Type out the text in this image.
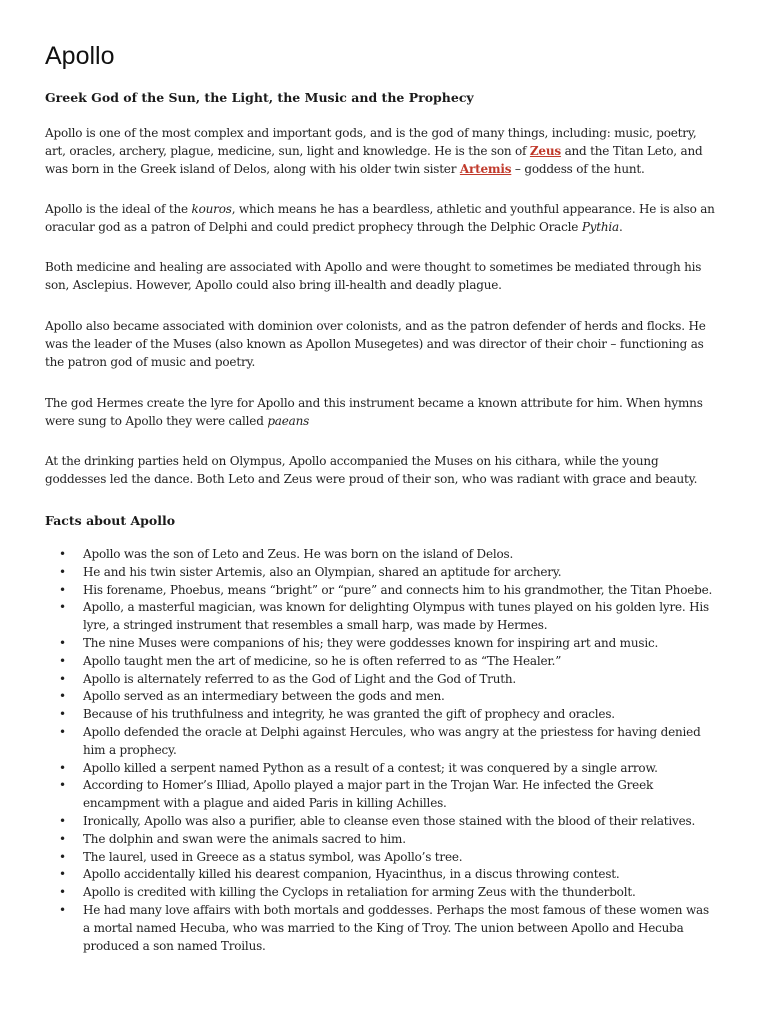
Apollo
Greek God of the Sun, the Light, the Music and the Prophecy

Apollo is one of the most complex and important gods, and is the god of many things, including: music, poetry, art, oracles, archery, plague, medicine, sun, light and knowledge. He is the son of Zeus and the Titan Leto, and was born in the Greek island of Delos, along with his older twin sister Artemis – goddess of the hunt.

Apollo is the ideal of the kouros, which means he has a beardless, athletic and youthful appearance. He is also an oracular god as a patron of Delphi and could predict prophecy through the Delphic Oracle Pythia.

Both medicine and healing are associated with Apollo and were thought to sometimes be mediated through his son, Asclepius. However, Apollo could also bring ill-health and deadly plague.

Apollo also became associated with dominion over colonists, and as the patron defender of herds and flocks. He was the leader of the Muses (also known as Apollon Musegetes) and was director of their choir – functioning as the patron god of music and poetry.

The god Hermes create the lyre for Apollo and this instrument became a known attribute for him. When hymns were sung to Apollo they were called paeans

At the drinking parties held on Olympus, Apollo accompanied the Muses on his cithara, while the young goddesses led the dance. Both Leto and Zeus were proud of their son, who was radiant with grace and beauty.

Facts about Apollo
• Apollo was the son of Leto and Zeus. He was born on the island of Delos.
• He and his twin sister Artemis, also an Olympian, shared an aptitude for archery.
• His forename, Phoebus, means “bright” or “pure” and connects him to his grandmother, the Titan Phoebe.
• Apollo, a masterful magician, was known for delighting Olympus with tunes played on his golden lyre. His lyre, a stringed instrument that resembles a small harp, was made by Hermes.
• The nine Muses were companions of his; they were goddesses known for inspiring art and music.
• Apollo taught men the art of medicine, so he is often referred to as “The Healer.”
• Apollo is alternately referred to as the God of Light and the God of Truth.
• Apollo served as an intermediary between the gods and men.
• Because of his truthfulness and integrity, he was granted the gift of prophecy and oracles.
• Apollo defended the oracle at Delphi against Hercules, who was angry at the priestess for having denied him a prophecy.
• Apollo killed a serpent named Python as a result of a contest; it was conquered by a single arrow.
• According to Homer’s Illiad, Apollo played a major part in the Trojan War. He infected the Greek encampment with a plague and aided Paris in killing Achilles.
• Ironically, Apollo was also a purifier, able to cleanse even those stained with the blood of their relatives.
• The dolphin and swan were the animals sacred to him.
• The laurel, used in Greece as a status symbol, was Apollo’s tree.
• Apollo accidentally killed his dearest companion, Hyacinthus, in a discus throwing contest.
• Apollo is credited with killing the Cyclops in retaliation for arming Zeus with the thunderbolt.
• He had many love affairs with both mortals and goddesses. Perhaps the most famous of these women was a mortal named Hecuba, who was married to the King of Troy. The union between Apollo and Hecuba produced a son named Troilus.
